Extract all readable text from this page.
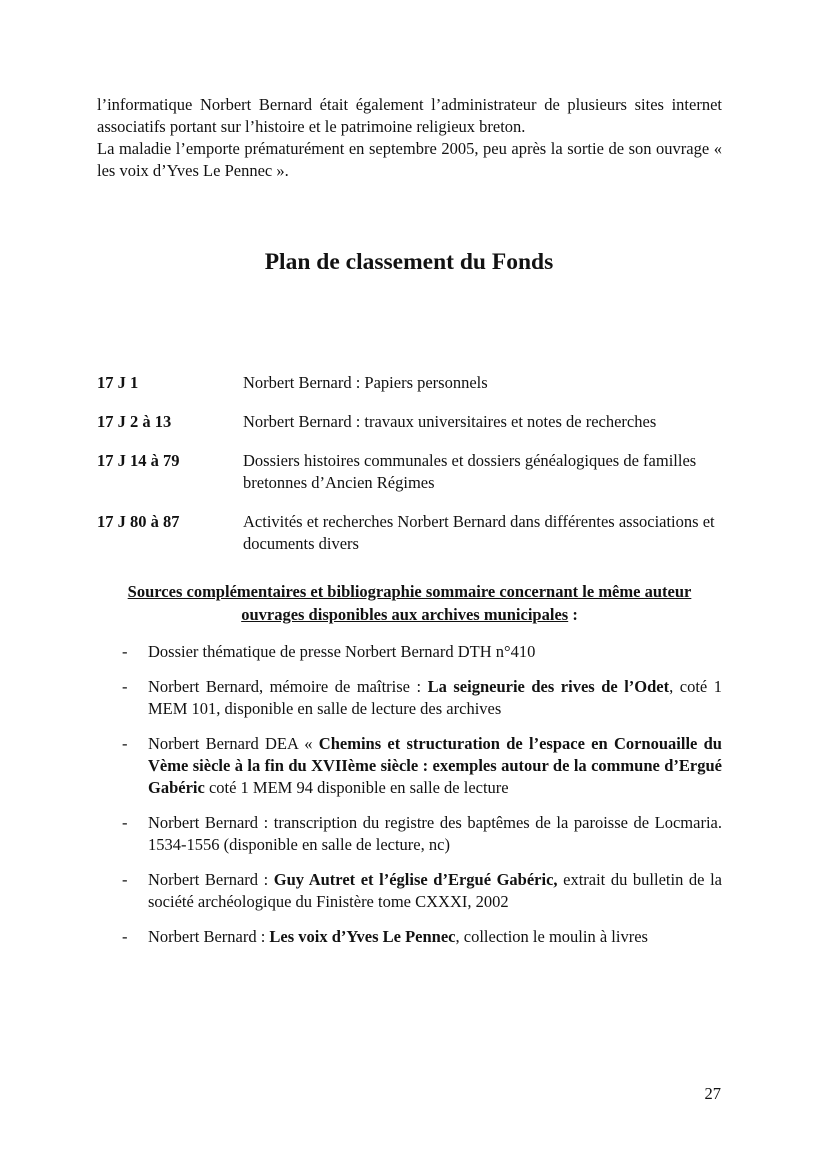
l’informatique Norbert Bernard était également l’administrateur de plusieurs sites internet associatifs portant sur l’histoire et le patrimoine religieux breton.

La maladie l’emporte prématurément en septembre 2005, peu après la sortie de son ouvrage « les voix d’Yves Le Pennec ».

Plan de classement du Fonds
17 J 1	Norbert Bernard : Papiers personnels
17 J 2 à 13	Norbert Bernard : travaux universitaires et notes de recherches
17 J 14 à 79	Dossiers histoires communales et dossiers généalogiques de familles bretonnes d’Ancien Régimes
17 J 80 à 87	Activités et recherches Norbert Bernard dans différentes associations et documents divers
Sources complémentaires et bibliographie sommaire concernant le même auteur
ouvrages disponibles aux archives municipales :
-	Dossier thématique de presse Norbert Bernard DTH n°410
-	Norbert Bernard, mémoire de maîtrise : La seigneurie des rives de l’Odet, coté 1 MEM 101, disponible en salle de lecture des archives
-	Norbert Bernard DEA « Chemins et structuration de l’espace en Cornouaille du Vème siècle à la fin du XVIIème siècle : exemples autour de la commune d’Ergué Gabéric coté 1 MEM 94 disponible en salle de lecture
-	Norbert Bernard : transcription du registre des baptêmes de la paroisse de Locmaria. 1534-1556 (disponible en salle de lecture, nc)
-	Norbert Bernard : Guy Autret et l’église d’Ergué Gabéric, extrait du bulletin de la société archéologique du Finistère tome CXXXI, 2002
-	Norbert Bernard : Les voix d’Yves Le Pennec, collection le moulin à livres
27
